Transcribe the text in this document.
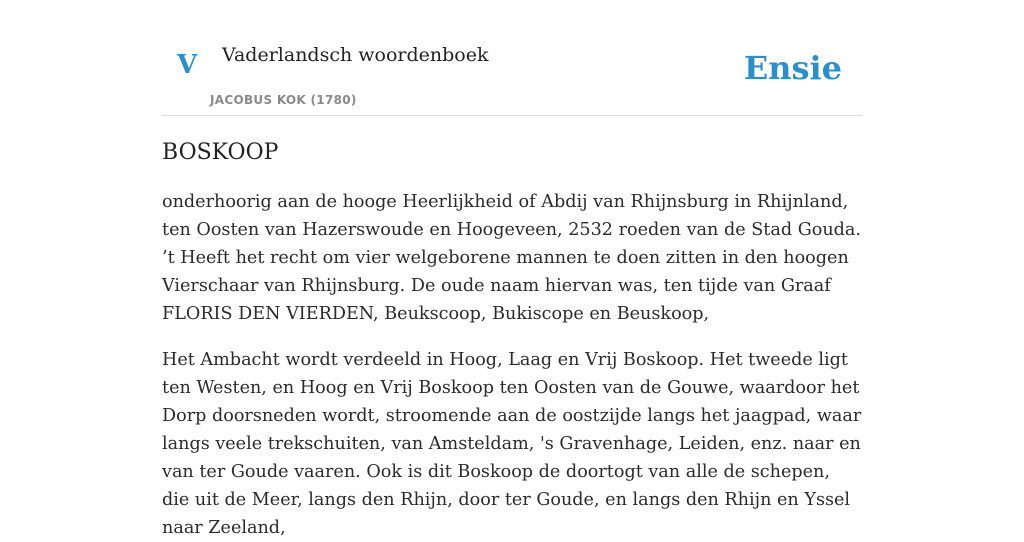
V Vaderlandsch woordenboek
JACOBUS KOK (1780)
Ensie
BOSKOOP

onderhoorig aan de hooge Heerlijkheid of Abdij van Rhijnsburg in Rhijnland, ten Oosten van Hazerswoude en Hoogeveen, 2532 roeden van de Stad Gouda. ’t Heeft het recht om vier welgeborene mannen te doen zitten in den hoogen Vierschaar van Rhijnsburg. De oude naam hiervan was, ten tijde van Graaf FLORIS DEN VIERDEN, Beukscoop, Bukiscope en Beuskoop,

Het Ambacht wordt verdeeld in Hoog, Laag en Vrij Boskoop. Het tweede ligt ten Westen, en Hoog en Vrij Boskoop ten Oosten van de Gouwe, waardoor het Dorp doorsneden wordt, stroomende aan de oostzijde langs het jaagpad, waar langs veele trekschuiten, van Amsteldam, 's Gravenhage, Leiden, enz. naar en van ter Goude vaaren. Ook is dit Boskoop de doortogt van alle de schepen, die uit de Meer, langs den Rhijn, door ter Goude, en langs den Rhijn en Yssel naar Zeeland,
